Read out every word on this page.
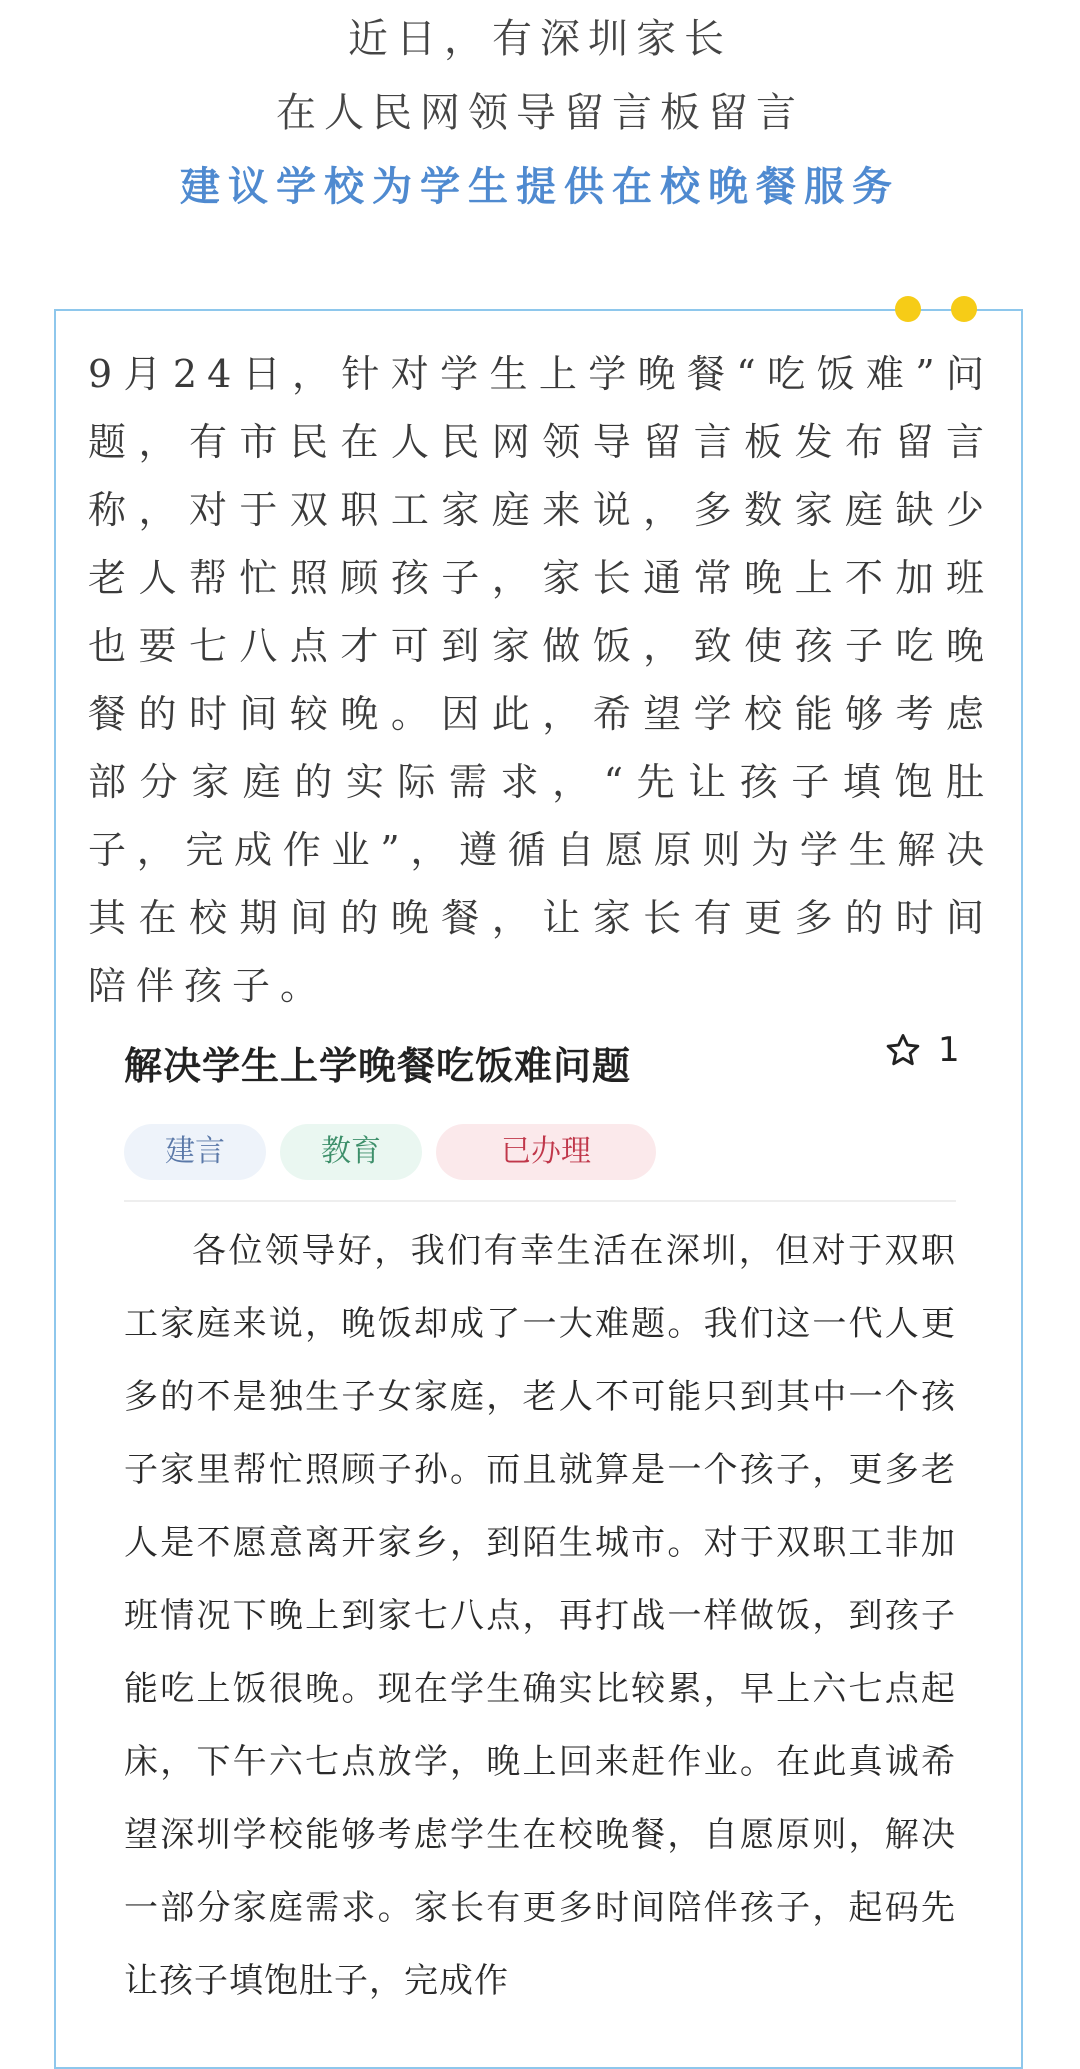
近日，有深圳家长
在人民网领导留言板留言
建议学校为学生提供在校晚餐服务
9月24日，针对学生上学晚餐“吃饭难”问题，有市民在人民网领导留言板发布留言称，对于双职工家庭来说，多数家庭缺少老人帮忙照顾孩子，家长通常晚上不加班也要七八点才可到家做饭，致使孩子吃晚餐的时间较晚。因此，希望学校能够考虑部分家庭的实际需求，“先让孩子填饱肚子，完成作业”，遵循自愿原则为学生解决其在校期间的晚餐，让家长有更多的时间陪伴孩子。
解决学生上学晚餐吃饭难问题	1
建言	教育	已办理
各位领导好，我们有幸生活在深圳，但对于双职工家庭来说，晚饭却成了一大难题。我们这一代人更多的不是独生子女家庭，老人不可能只到其中一个孩子家里帮忙照顾子孙。而且就算是一个孩子，更多老人是不愿意离开家乡，到陌生城市。对于双职工非加班情况下晚上到家七八点，再打战一样做饭，到孩子能吃上饭很晚。现在学生确实比较累，早上六七点起床，下午六七点放学，晚上回来赶作业。在此真诚希望深圳学校能够考虑学生在校晚餐，自愿原则，解决一部分家庭需求。家长有更多时间陪伴孩子，起码先让孩子填饱肚子，完成作
